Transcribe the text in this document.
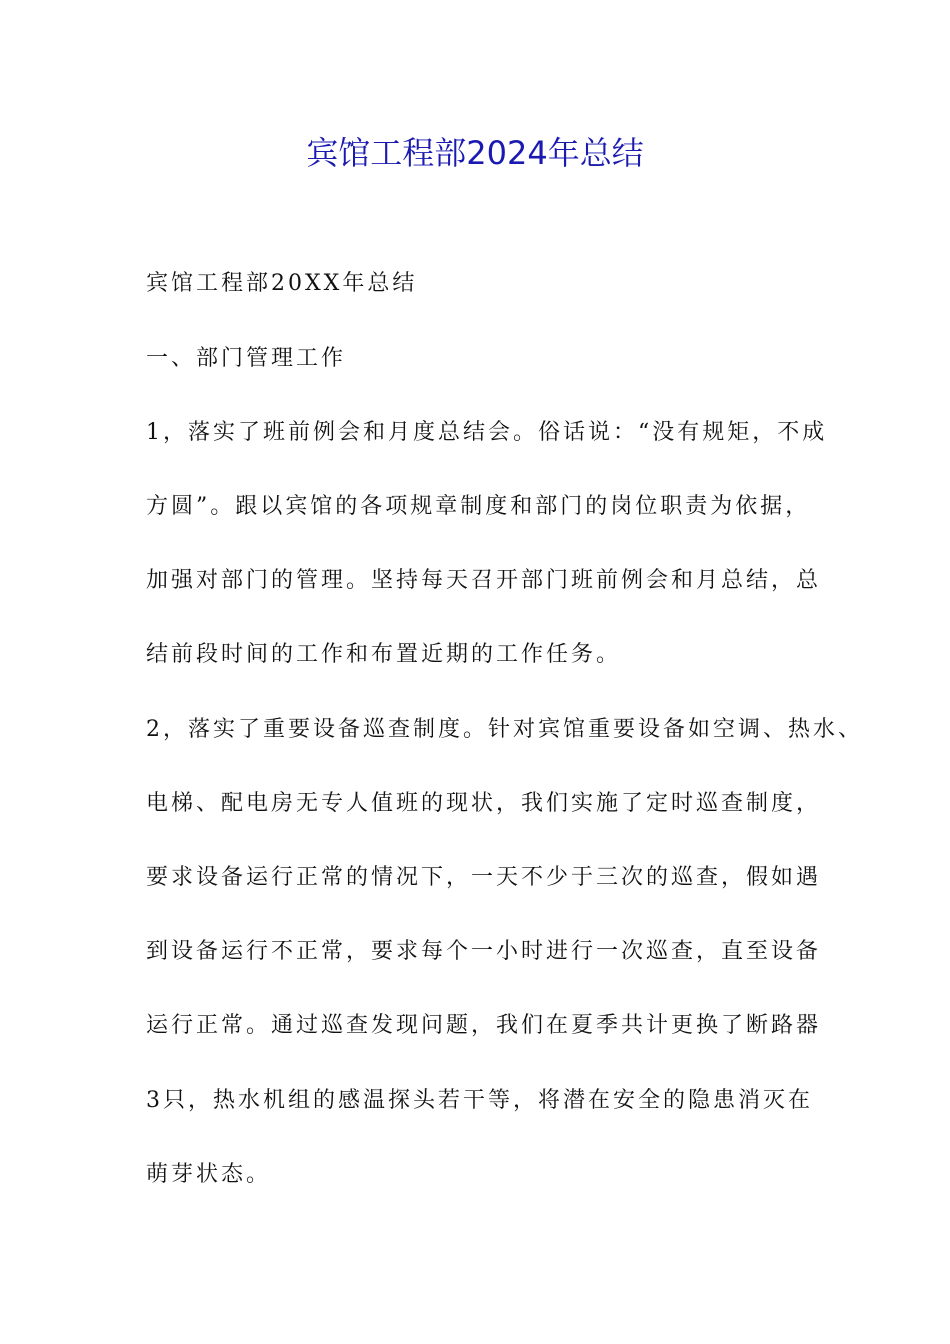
宾馆工程部2024年总结

宾馆工程部20XX年总结

一、部门管理工作

1，落实了班前例会和月度总结会。俗话说：“没有规矩，不成

方圆”。跟以宾馆的各项规章制度和部门的岗位职责为依据，

加强对部门的管理。坚持每天召开部门班前例会和月总结，总

结前段时间的工作和布置近期的工作任务。

2，落实了重要设备巡查制度。针对宾馆重要设备如空调、热水、

电梯、配电房无专人值班的现状，我们实施了定时巡查制度，

要求设备运行正常的情况下，一天不少于三次的巡查，假如遇

到设备运行不正常，要求每个一小时进行一次巡查，直至设备

运行正常。通过巡查发现问题，我们在夏季共计更换了断路器

3只，热水机组的感温探头若干等，将潜在安全的隐患消灭在

萌芽状态。
